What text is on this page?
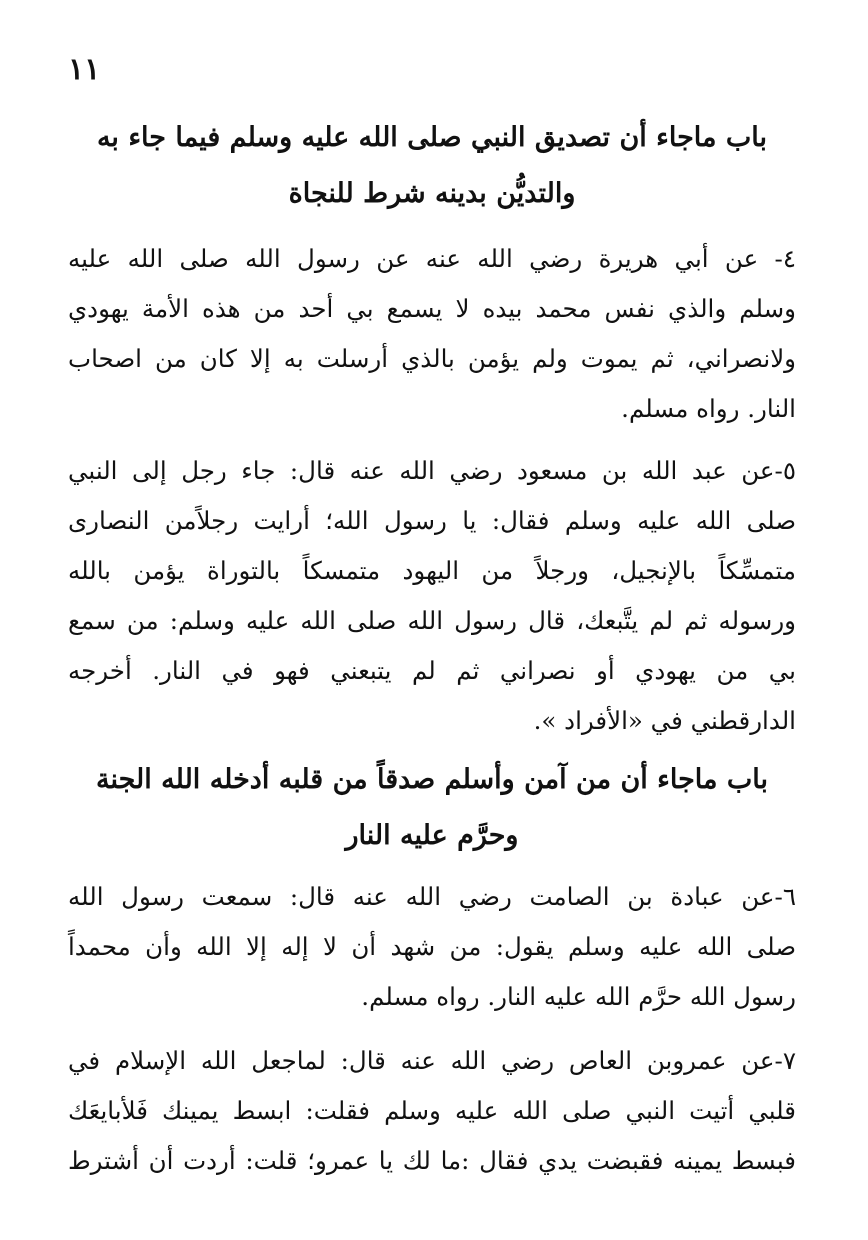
١١
باب ماجاء أن تصديق النبي صلى الله عليه وسلم فيما جاء به
والتديُّن بدينه شرط للنجاة

٤- عن أبي هريرة رضي الله عنه عن رسول الله صلى الله عليه
وسلم والذي نفس محمد بيده لا يسمع بي أحد من هذه الأمة يهودي
ولانصراني، ثم يموت ولم يؤمن بالذي أرسلت به إلا كان من اصحاب
النار. رواه مسلم.

٥-عن عبد الله بن مسعود رضي الله عنه قال: جاء رجل إلى النبي
صلى الله عليه وسلم فقال: يا رسول الله؛ أرايت رجلاًمن النصارى
متمسِّكاً بالإنجيل، ورجلاً من اليهود متمسكاً بالتوراة يؤمن بالله
ورسوله ثم لم يتَّبعك، قال رسول الله صلى الله عليه وسلم: من سمع
بي من يهودي أو نصراني ثم لم يتبعني فهو في النار. أخرجه
الدارقطني في «الأفراد ».

باب ماجاء أن من آمن وأسلم صدقاً من قلبه أدخله الله الجنة
وحرَّم عليه النار

٦-عن عبادة بن الصامت رضي الله عنه قال: سمعت رسول الله
صلى الله عليه وسلم يقول: من شهد أن لا إله إلا الله وأن محمداً
رسول الله حرَّم الله عليه النار. رواه مسلم.

٧-عن عمروبن العاص رضي الله عنه قال: لماجعل الله الإسلام في
قلبي أتيت النبي صلى الله عليه وسلم فقلت: ابسط يمينك فَلأبايعَك
فبسط يمينه فقبضت يدي فقال :ما لك يا عمرو؛ قلت: أردت أن أشترط
